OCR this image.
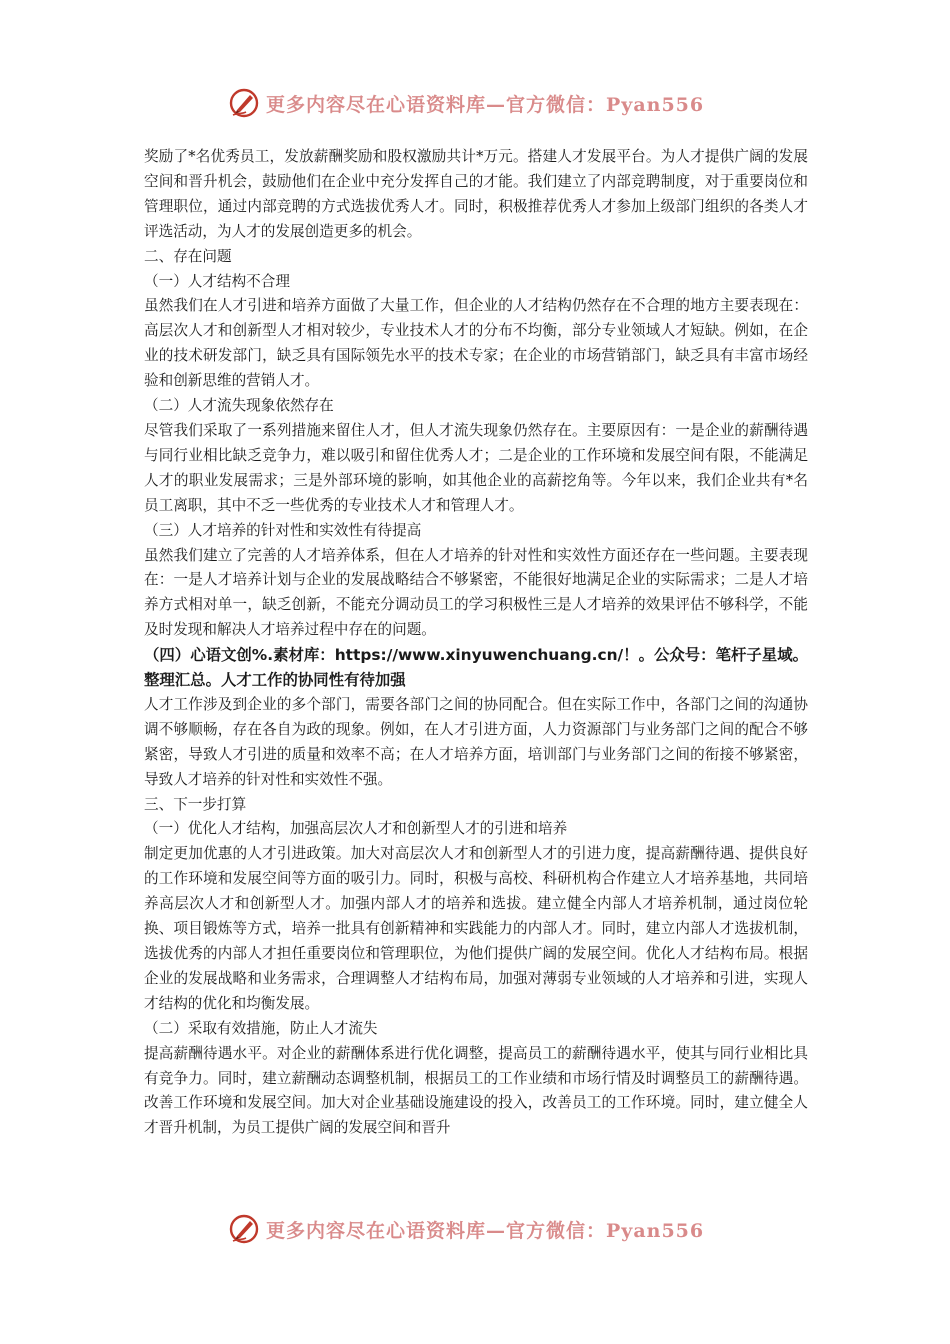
更多内容尽在心语资料库—官方微信：Pyan556

奖励了*名优秀员工，发放薪酬奖励和股权激励共计*万元。搭建人才发展平台。为人才提供广阔的发展空间和晋升机会，鼓励他们在企业中充分发挥自己的才能。我们建立了内部竞聘制度，对于重要岗位和管理职位，通过内部竞聘的方式选拔优秀人才。同时，积极推荐优秀人才参加上级部门组织的各类人才评选活动，为人才的发展创造更多的机会。

二、存在问题

（一）人才结构不合理

虽然我们在人才引进和培养方面做了大量工作，但企业的人才结构仍然存在不合理的地方主要表现在：高层次人才和创新型人才相对较少，专业技术人才的分布不均衡，部分专业领域人才短缺。例如，在企业的技术研发部门，缺乏具有国际领先水平的技术专家；在企业的市场营销部门，缺乏具有丰富市场经验和创新思维的营销人才。

（二）人才流失现象依然存在

尽管我们采取了一系列措施来留住人才，但人才流失现象仍然存在。主要原因有：一是企业的薪酬待遇与同行业相比缺乏竞争力，难以吸引和留住优秀人才；二是企业的工作环境和发展空间有限，不能满足人才的职业发展需求；三是外部环境的影响，如其他企业的高薪挖角等。今年以来，我们企业共有*名员工离职，其中不乏一些优秀的专业技术人才和管理人才。

（三）人才培养的针对性和实效性有待提高

虽然我们建立了完善的人才培养体系，但在人才培养的针对性和实效性方面还存在一些问题。主要表现在：一是人才培养计划与企业的发展战略结合不够紧密，不能很好地满足企业的实际需求；二是人才培养方式相对单一，缺乏创新，不能充分调动员工的学习积极性三是人才培养的效果评估不够科学，不能及时发现和解决人才培养过程中存在的问题。

（四）心语文创%.素材库：https://www.xinyuwenchuang.cn/！。公众号：笔杆子星域。整理汇总。人才工作的协同性有待加强

人才工作涉及到企业的多个部门，需要各部门之间的协同配合。但在实际工作中，各部门之间的沟通协调不够顺畅，存在各自为政的现象。例如，在人才引进方面，人力资源部门与业务部门之间的配合不够紧密，导致人才引进的质量和效率不高；在人才培养方面，培训部门与业务部门之间的衔接不够紧密，导致人才培养的针对性和实效性不强。

三、下一步打算

（一）优化人才结构，加强高层次人才和创新型人才的引进和培养

制定更加优惠的人才引进政策。加大对高层次人才和创新型人才的引进力度，提高薪酬待遇、提供良好的工作环境和发展空间等方面的吸引力。同时，积极与高校、科研机构合作建立人才培养基地，共同培养高层次人才和创新型人才。加强内部人才的培养和选拔。建立健全内部人才培养机制，通过岗位轮换、项目锻炼等方式，培养一批具有创新精神和实践能力的内部人才。同时，建立内部人才选拔机制，选拔优秀的内部人才担任重要岗位和管理职位，为他们提供广阔的发展空间。优化人才结构布局。根据企业的发展战略和业务需求，合理调整人才结构布局，加强对薄弱专业领域的人才培养和引进，实现人才结构的优化和均衡发展。

（二）采取有效措施，防止人才流失

提高薪酬待遇水平。对企业的薪酬体系进行优化调整，提高员工的薪酬待遇水平，使其与同行业相比具有竞争力。同时，建立薪酬动态调整机制，根据员工的工作业绩和市场行情及时调整员工的薪酬待遇。改善工作环境和发展空间。加大对企业基础设施建设的投入，改善员工的工作环境。同时，建立健全人才晋升机制，为员工提供广阔的发展空间和晋升

更多内容尽在心语资料库—官方微信：Pyan556
